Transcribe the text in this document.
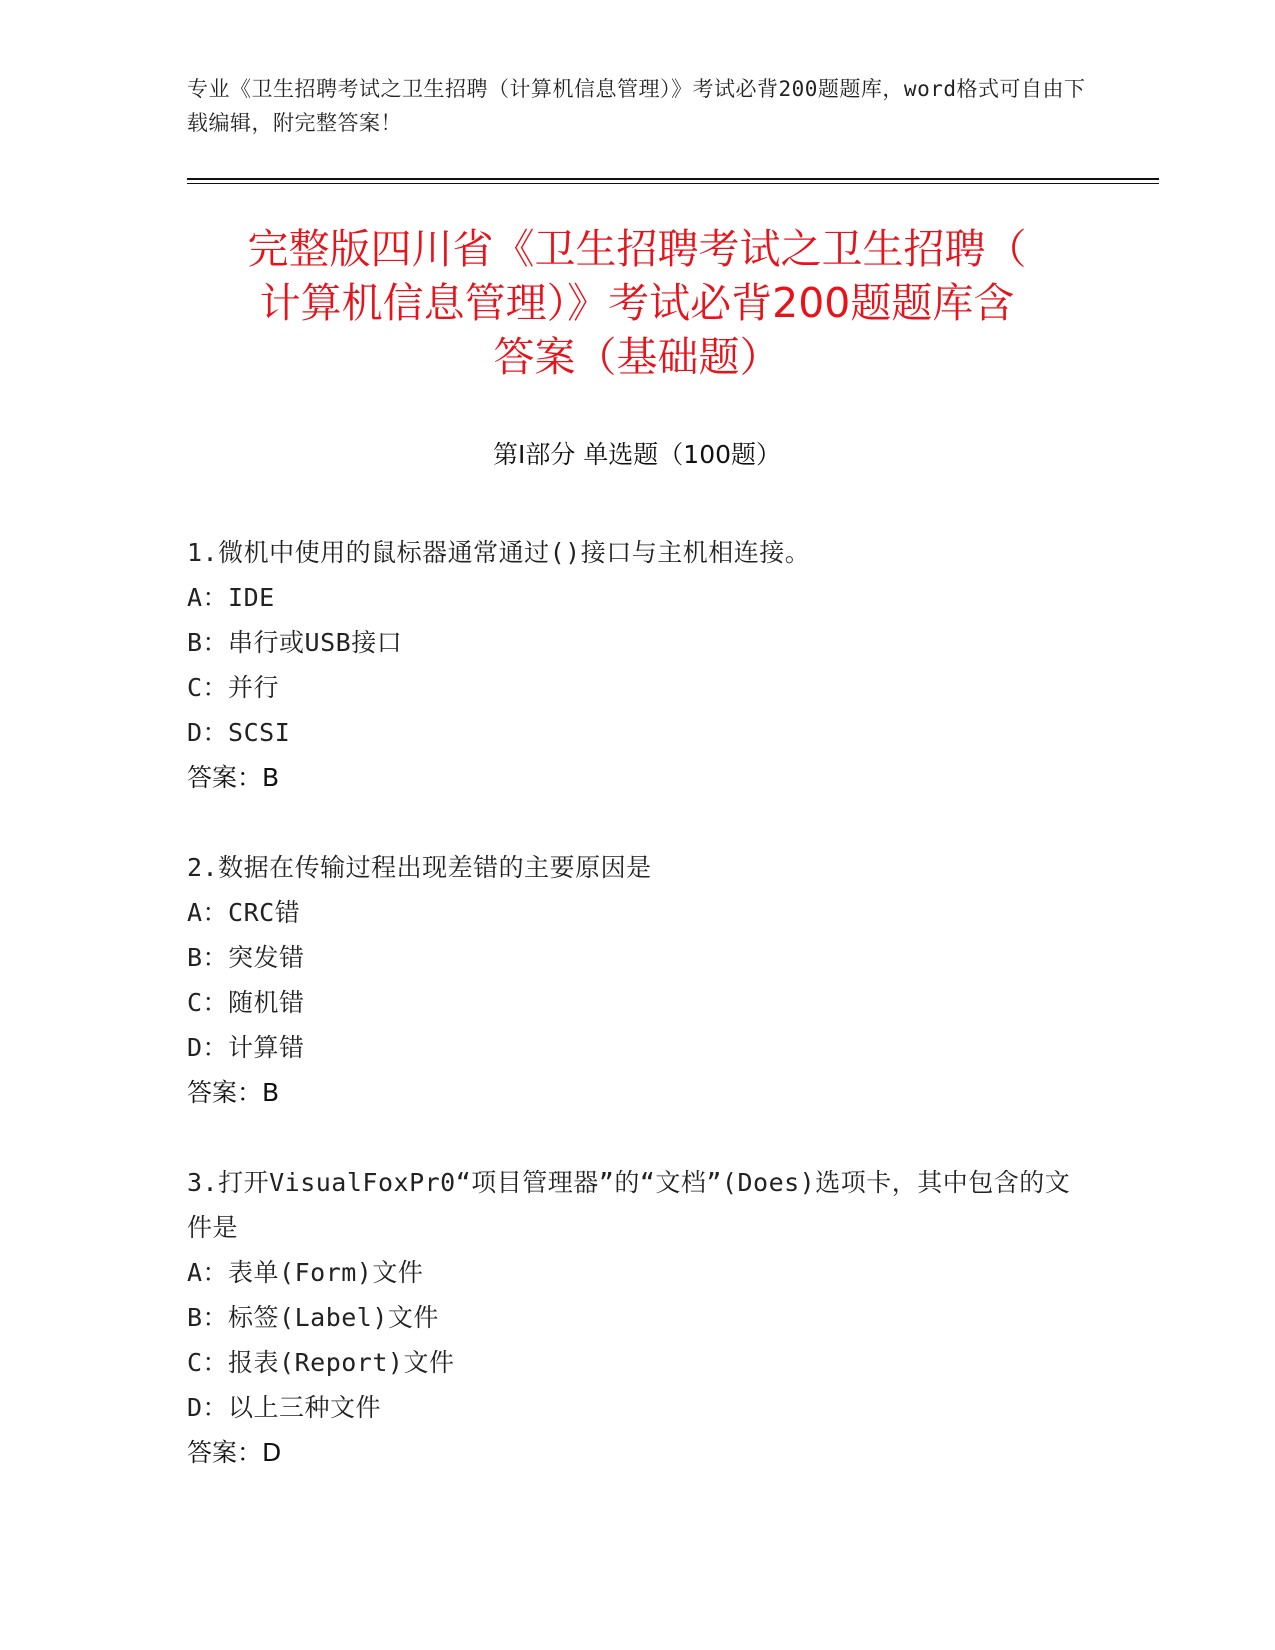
专业《卫生招聘考试之卫生招聘（计算机信息管理）》考试必背200题题库，word格式可自由下载编辑，附完整答案！
完整版四川省《卫生招聘考试之卫生招聘（
计算机信息管理）》考试必背200题题库含
答案（基础题）
第Ⅰ部分 单选题（100题）
1.微机中使用的鼠标器通常通过()接口与主机相连接。
A：IDE
B：串行或USB接口
C：并行
D：SCSI
答案：B
2.数据在传输过程出现差错的主要原因是
A：CRC错
B：突发错
C：随机错
D：计算错
答案：B
3.打开VisualFoxPr0“项目管理器”的“文档”(Does)选项卡，其中包含的文件是
A：表单(Form)文件
B：标签(Label)文件
C：报表(Report)文件
D：以上三种文件
答案：D
